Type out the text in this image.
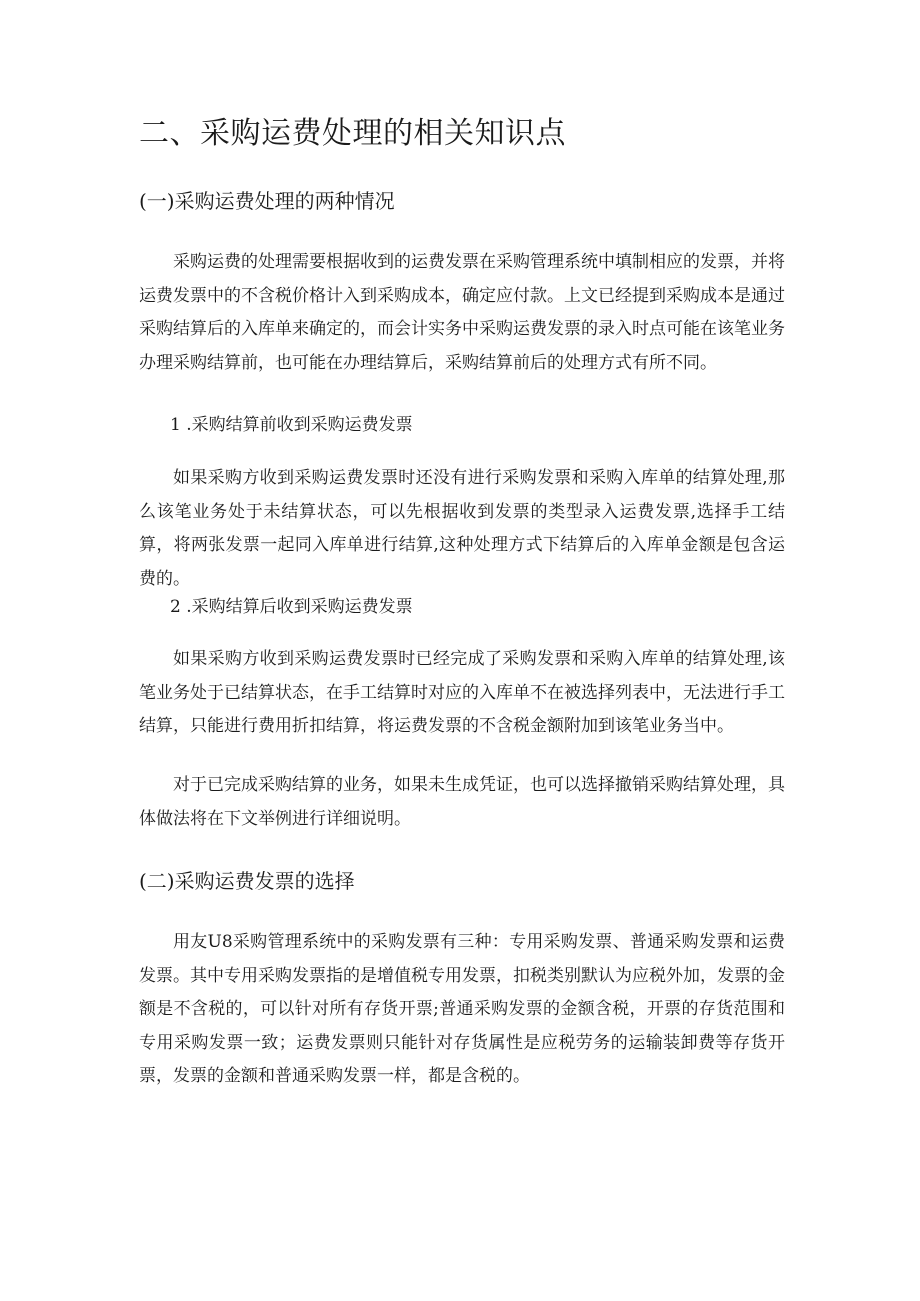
二、采购运费处理的相关知识点
(一)采购运费处理的两种情况

采购运费的处理需要根据收到的运费发票在采购管理系统中填制相应的发票，并将运费发票中的不含税价格计入到采购成本，确定应付款。上文已经提到采购成本是通过采购结算后的入库单来确定的，而会计实务中采购运费发票的录入时点可能在该笔业务办理采购结算前，也可能在办理结算后，采购结算前后的处理方式有所不同。

1 .采购结算前收到采购运费发票

如果采购方收到采购运费发票时还没有进行采购发票和采购入库单的结算处理,那么该笔业务处于未结算状态，可以先根据收到发票的类型录入运费发票,选择手工结算，将两张发票一起同入库单进行结算,这种处理方式下结算后的入库单金额是包含运费的。

2 .采购结算后收到采购运费发票

如果采购方收到采购运费发票时已经完成了采购发票和采购入库单的结算处理,该笔业务处于已结算状态，在手工结算时对应的入库单不在被选择列表中，无法进行手工结算，只能进行费用折扣结算，将运费发票的不含税金额附加到该笔业务当中。

对于已完成采购结算的业务，如果未生成凭证，也可以选择撤销采购结算处理，具体做法将在下文举例进行详细说明。

(二)采购运费发票的选择

用友U8采购管理系统中的采购发票有三种：专用采购发票、普通采购发票和运费发票。其中专用采购发票指的是增值税专用发票，扣税类别默认为应税外加，发票的金额是不含税的，可以针对所有存货开票;普通采购发票的金额含税，开票的存货范围和专用采购发票一致；运费发票则只能针对存货属性是应税劳务的运输装卸费等存货开票，发票的金额和普通采购发票一样，都是含税的。
